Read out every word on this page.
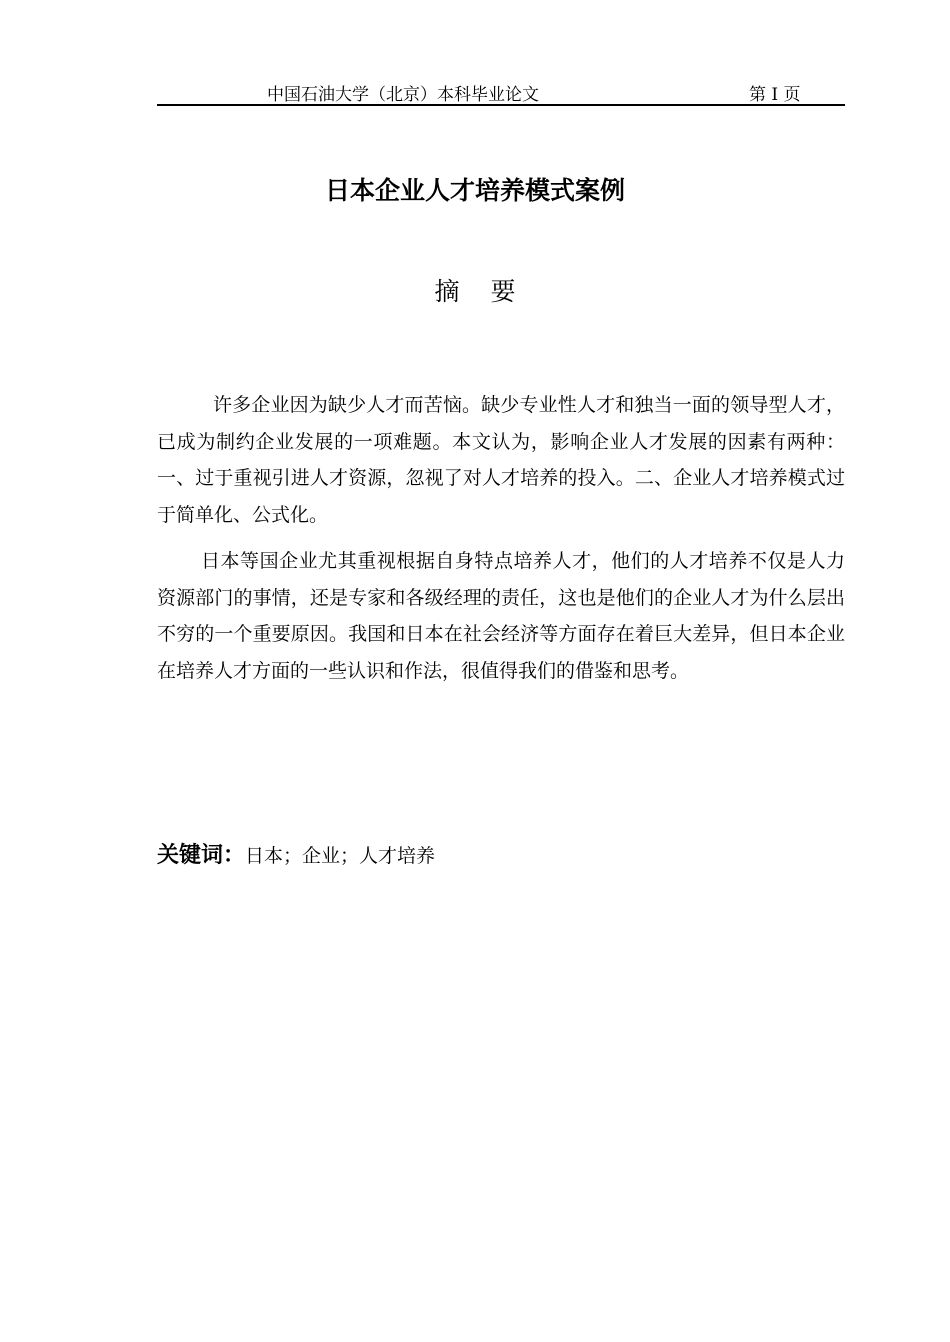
中国石油大学（北京）本科毕业论文	第 I 页
日本企业人才培养模式案例
摘要

许多企业因为缺少人才而苦恼。缺少专业性人才和独当一面的领导型人才，已成为制约企业发展的一项难题。本文认为，影响企业人才发展的因素有两种：一、过于重视引进人才资源，忽视了对人才培养的投入。二、企业人才培养模式过于简单化、公式化。

日本等国企业尤其重视根据自身特点培养人才，他们的人才培养不仅是人力资源部门的事情，还是专家和各级经理的责任，这也是他们的企业人才为什么层出不穷的一个重要原因。我国和日本在社会经济等方面存在着巨大差异，但日本企业在培养人才方面的一些认识和作法，很值得我们的借鉴和思考。

关键词：日本；企业；人才培养
